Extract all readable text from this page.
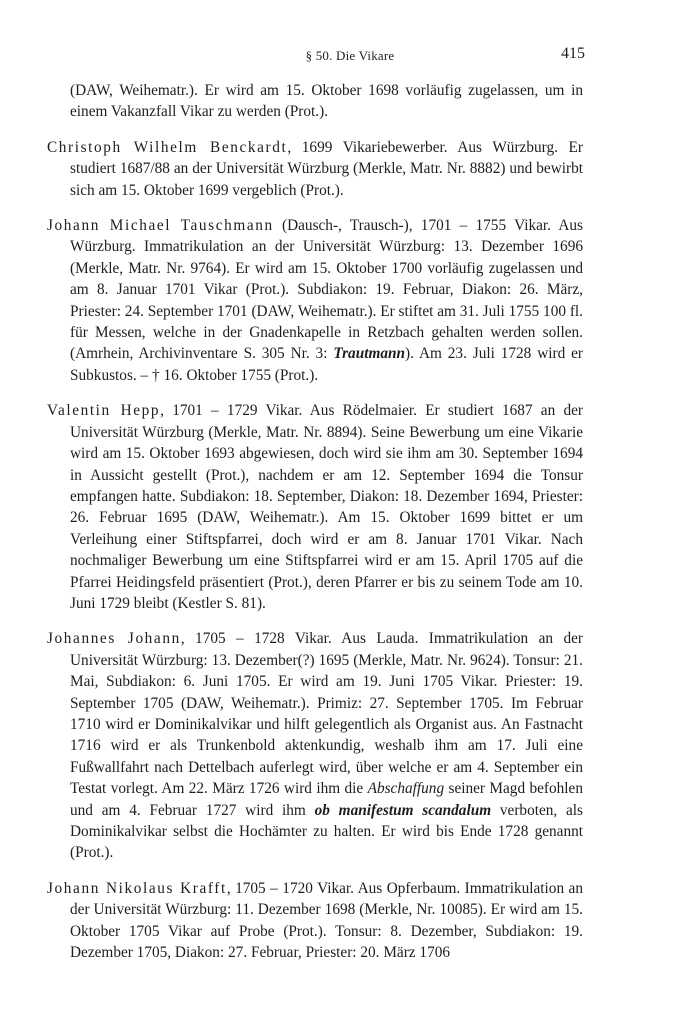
§ 50. Die Vikare	415

(DAW, Weihematr.). Er wird am 15. Oktober 1698 vorläufig zugelassen, um in einem Vakanzfall Vikar zu werden (Prot.).

Christoph Wilhelm Benckardt, 1699 Vikariebewerber. Aus Würzburg. Er studiert 1687/88 an der Universität Würzburg (Merkle, Matr. Nr. 8882) und bewirbt sich am 15. Oktober 1699 vergeblich (Prot.).

Johann Michael Tauschmann (Dausch-, Trausch-), 1701 – 1755 Vikar. Aus Würzburg. Immatrikulation an der Universität Würzburg: 13. Dezember 1696 (Merkle, Matr. Nr. 9764). Er wird am 15. Oktober 1700 vorläufig zugelassen und am 8. Januar 1701 Vikar (Prot.). Subdiakon: 19. Februar, Diakon: 26. März, Priester: 24. September 1701 (DAW, Weihematr.). Er stiftet am 31. Juli 1755 100 fl. für Messen, welche in der Gnadenkapelle in Retzbach gehalten werden sollen. (Amrhein, Archivinventare S. 305 Nr. 3: Trautmann). Am 23. Juli 1728 wird er Subkustos. – † 16. Oktober 1755 (Prot.).

Valentin Hepp, 1701 – 1729 Vikar. Aus Rödelmaier. Er studiert 1687 an der Universität Würzburg (Merkle, Matr. Nr. 8894). Seine Bewerbung um eine Vikarie wird am 15. Oktober 1693 abgewiesen, doch wird sie ihm am 30. September 1694 in Aussicht gestellt (Prot.), nachdem er am 12. September 1694 die Tonsur empfangen hatte. Subdiakon: 18. September, Diakon: 18. Dezember 1694, Priester: 26. Februar 1695 (DAW, Weihematr.). Am 15. Oktober 1699 bittet er um Verleihung einer Stiftspfarrei, doch wird er am 8. Januar 1701 Vikar. Nach nochmaliger Bewerbung um eine Stiftspfarrei wird er am 15. April 1705 auf die Pfarrei Heidingsfeld präsentiert (Prot.), deren Pfarrer er bis zu seinem Tode am 10. Juni 1729 bleibt (Kestler S. 81).

Johannes Johann, 1705 – 1728 Vikar. Aus Lauda. Immatrikulation an der Universität Würzburg: 13. Dezember(?) 1695 (Merkle, Matr. Nr. 9624). Tonsur: 21. Mai, Subdiakon: 6. Juni 1705. Er wird am 19. Juni 1705 Vikar. Priester: 19. September 1705 (DAW, Weihematr.). Primiz: 27. September 1705. Im Februar 1710 wird er Dominikalvikar und hilft gelegentlich als Organist aus. An Fastnacht 1716 wird er als Trunkenbold aktenkundig, weshalb ihm am 17. Juli eine Fußwallfahrt nach Dettelbach auferlegt wird, über welche er am 4. September ein Testat vorlegt. Am 22. März 1726 wird ihm die Abschaffung seiner Magd befohlen und am 4. Februar 1727 wird ihm ob manifestum scandalum verboten, als Dominikalvikar selbst die Hochämter zu halten. Er wird bis Ende 1728 genannt (Prot.).

Johann Nikolaus Krafft, 1705 – 1720 Vikar. Aus Opferbaum. Immatrikulation an der Universität Würzburg: 11. Dezember 1698 (Merkle, Nr. 10085). Er wird am 15. Oktober 1705 Vikar auf Probe (Prot.). Tonsur: 8. Dezember, Subdiakon: 19. Dezember 1705, Diakon: 27. Februar, Priester: 20. März 1706
